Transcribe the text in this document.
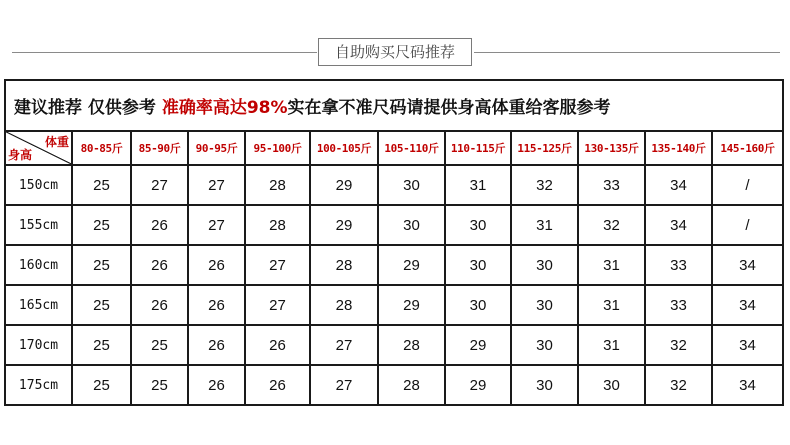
自助购买尺码推荐
建议推荐 仅供参考 准确率高达98%实在拿不准尺码请提供身高体重给客服参考											

体重
身高	80-85斤	85-90斤	90-95斤	95-100斤	100-105斤	105-110斤	110-115斤	115-125斤	130-135斤	135-140斤	145-160斤
150cm	25	27	27	28	29	30	31	32	33	34	/
155cm	25	26	27	28	29	30	30	31	32	34	/
160cm	25	26	26	27	28	29	30	30	31	33	34
165cm	25	26	26	27	28	29	30	30	31	33	34
170cm	25	25	26	26	27	28	29	30	31	32	34
175cm	25	25	26	26	27	28	29	30	30	32	34
